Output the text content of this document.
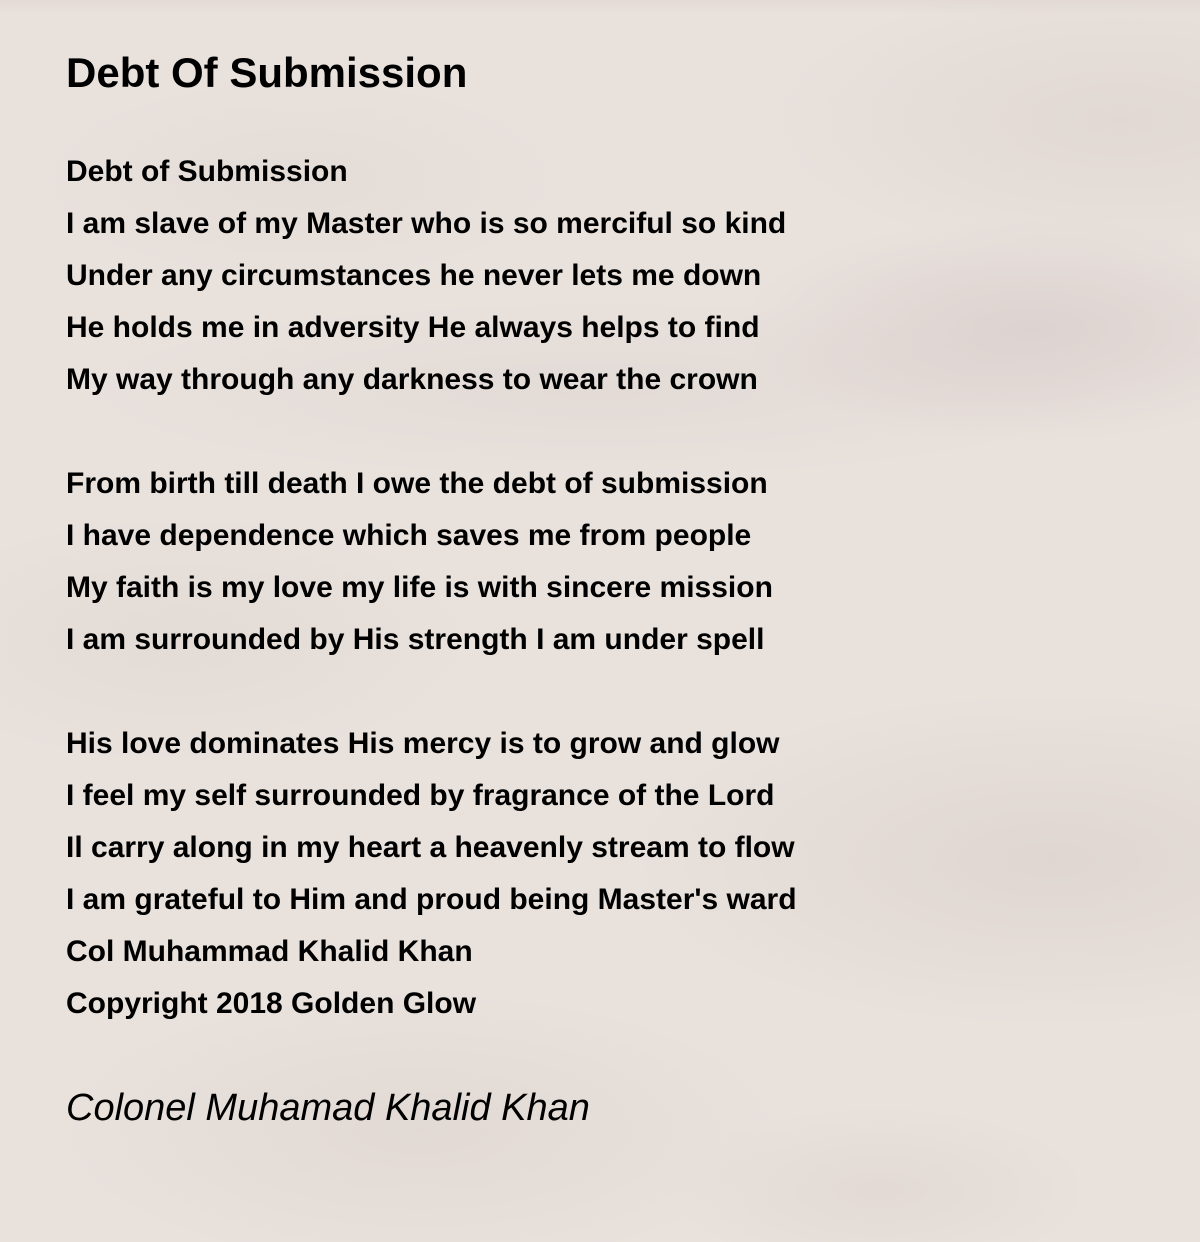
Debt Of Submission
Debt of Submission
I am slave of my Master who is so merciful so kind
Under any circumstances he never lets me down
He holds me in adversity He always helps to find
My way through any darkness to wear the crown
From birth till death I owe the debt of submission
I have dependence which saves me from people
My faith is my love my life is with sincere mission
I am surrounded by His strength I am under spell
His love dominates His mercy is to grow and glow
I feel my self surrounded by fragrance of the Lord
Il carry along in my heart a heavenly stream to flow
I am grateful to Him and proud being Master's ward
Col Muhammad Khalid Khan
Copyright 2018 Golden Glow
Colonel Muhamad Khalid Khan
